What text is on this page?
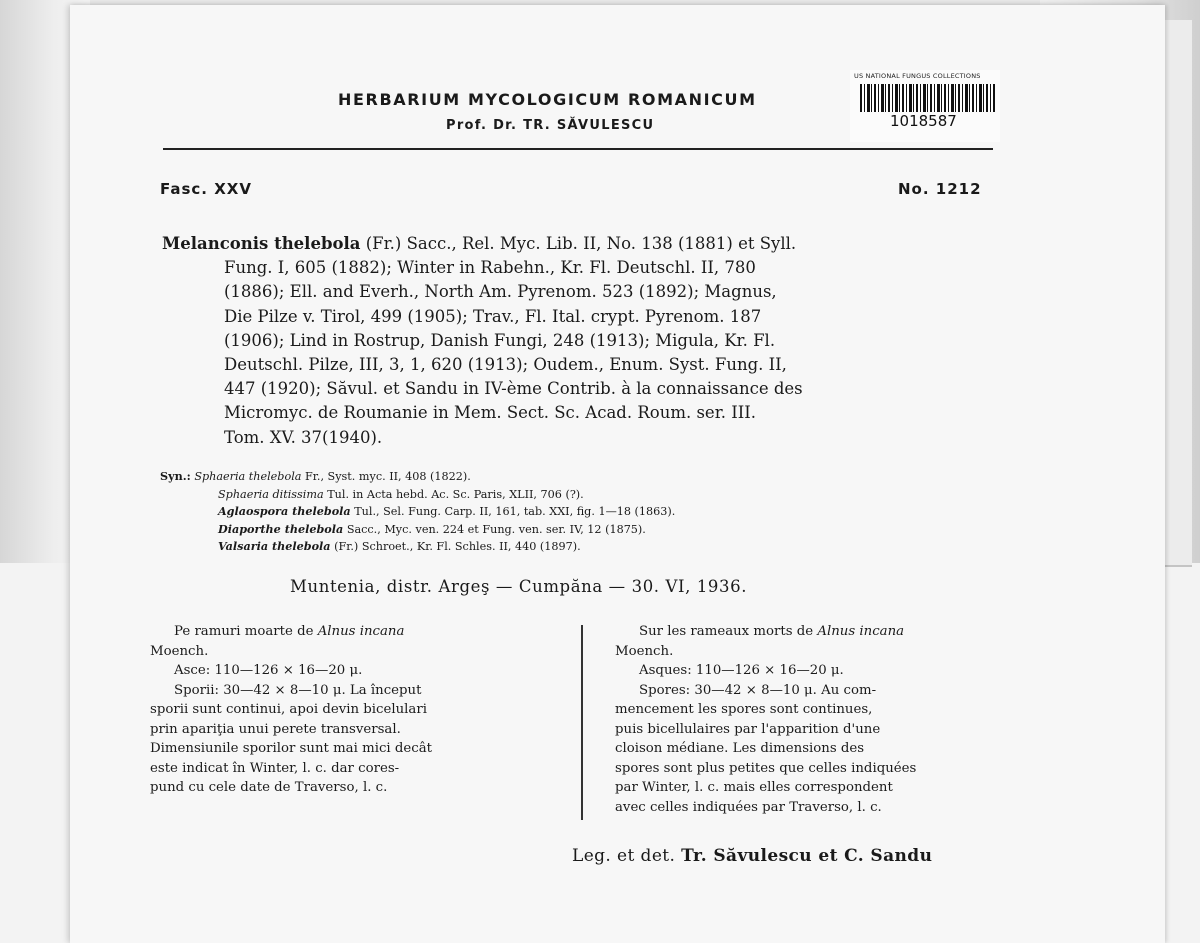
HERBARIUM MYCOLOGICUM ROMANICUM
Prof. Dr. TR. SĂVULESCU
US NATIONAL FUNGUS COLLECTIONS
1018587
Fasc. XXV	No. 1212
Melanconis thelebola (Fr.) Sacc., Rel. Myc. Lib. II, No. 138 (1881) et Syll.
Fung. I, 605 (1882); Winter in Rabehn., Kr. Fl. Deutschl. II, 780
(1886); Ell. and Everh., North Am. Pyrenom. 523 (1892); Magnus,
Die Pilze v. Tirol, 499 (1905); Trav., Fl. Ital. crypt. Pyrenom. 187
(1906); Lind in Rostrup, Danish Fungi, 248 (1913); Migula, Kr. Fl.
Deutschl. Pilze, III, 3, 1, 620 (1913); Oudem., Enum. Syst. Fung. II,
447 (1920); Săvul. et Sandu in IV-ème Contrib. à la connaissance des
Micromyc. de Roumanie in Mem. Sect. Sc. Acad. Roum. ser. III.
Tom. XV. 37(1940).
Syn.: Sphaeria thelebola Fr., Syst. myc. II, 408 (1822).
Sphaeria ditissima Tul. in Acta hebd. Ac. Sc. Paris, XLII, 706 (?).
Aglaospora thelebola Tul., Sel. Fung. Carp. II, 161, tab. XXI, fig. 1—18 (1863).
Diaporthe thelebola Sacc., Myc. ven. 224 et Fung. ven. ser. IV, 12 (1875).
Valsaria thelebola (Fr.) Schroet., Kr. Fl. Schles. II, 440 (1897).
Muntenia, distr. Argeş — Cumpăna — 30. VI, 1936.
Pe ramuri moarte de Alnus incana
Moench.
Asce: 110—126 × 16—20 μ.
Sporii: 30—42 × 8—10 μ. La început
sporii sunt continui, apoi devin bicelulari
prin apariţia unui perete transversal.
Dimensiunile sporilor sunt mai mici decât
este indicat în Winter, l. c. dar cores-
pund cu cele date de Traverso, l. c.
Sur les rameaux morts de Alnus incana
Moench.
Asques: 110—126 × 16—20 μ.
Spores: 30—42 × 8—10 μ. Au com-
mencement les spores sont continues,
puis bicellulaires par l'apparition d'une
cloison médiane. Les dimensions des
spores sont plus petites que celles indiquées
par Winter, l. c. mais elles correspondent
avec celles indiquées par Traverso, l. c.
Leg. et det. Tr. Săvulescu et C. Sandu
